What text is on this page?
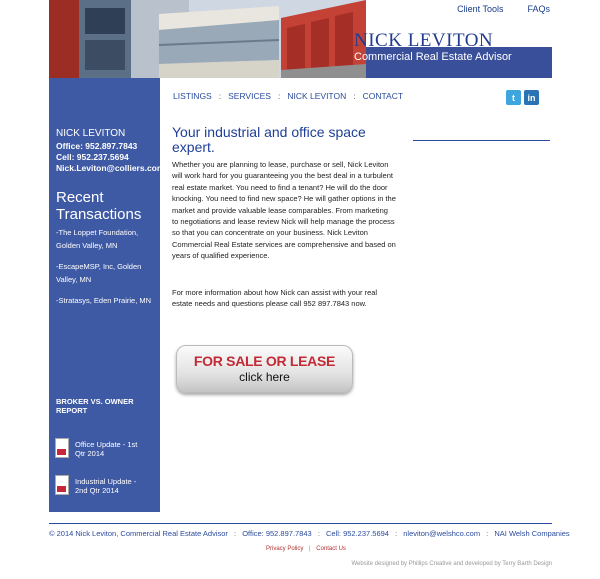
Client Tools	FAQs
NICK LEVITON
Commercial Real Estate Advisor
NICK LEVITON
Office: 952.897.7843
Cell: 952.237.5694
Nick.Leviton@colliers.com
Recent Transactions
-The Loppet Foundation, Golden Valley, MN
-EscapeMSP, Inc, Golden Valley, MN
-Stratasys, Eden Prairie, MN
BROKER VS. OWNER REPORT
Office Update - 1st Qtr 2014
Industrial Update - 2nd Qtr 2014
LISTINGS : SERVICES : NICK LEVITON : CONTACT	t	in
Your industrial and office space expert.
Whether you are planning to lease, purchase or sell, Nick Leviton will work hard for you guaranteeing you the best deal in a turbulent real estate market. You need to find a tenant? He will do the door knocking. You need to find new space? He will gather options in the market and provide valuable lease comparables. From marketing to negotiations and lease review Nick will help manage the process so that you can concentrate on your business. Nick Leviton Commercial Real Estate services are comprehensive and based on years of qualified experience.
For more information about how Nick can assist with your real estate needs and questions please call 952 897.7843 now.
FOR SALE OR LEASE
click here
© 2014 Nick Leviton, Commercial Real Estate Advisor : Office: 952.897.7843 : Cell: 952.237.5694 : nleviton@welshco.com : NAI Welsh Companies
Privacy Policy | Contact Us
Website designed by Phillips Creative and developed by Terry Barth Design
